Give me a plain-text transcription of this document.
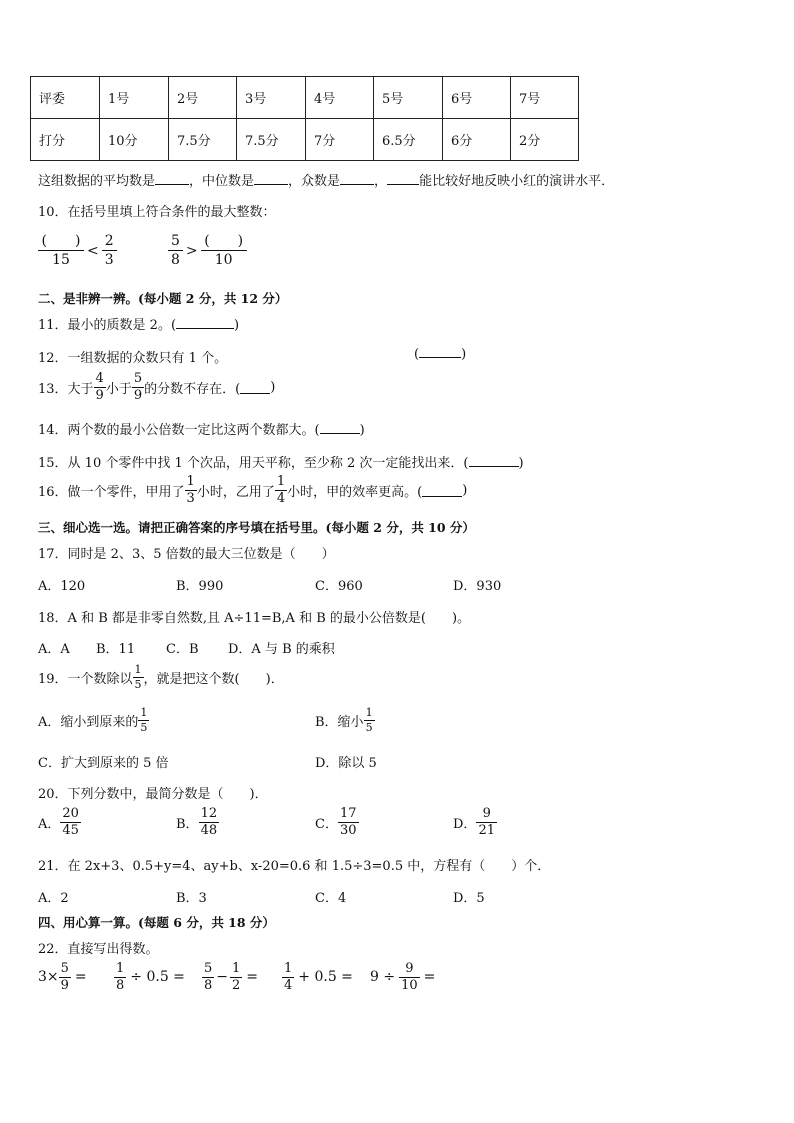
评委	1号	2号	3号	4号	5号	6号	7号
打分	10分	7.5分	7.5分	7分	6.5分	6分	2分
这组数据的平均数是	，中位数是	，众数是	， 能比较好地反映小红的演讲水平．
10．在括号里填上符合条件的最大整数：
$\frac{( )}{15} < \frac{2}{3}$	$\frac{5}{8} > \frac{( )}{10}$
二、是非辨一辨。(每小题 2 分，共 12 分）
11．最小的质数是 2。(	)
12．一组数据的众数只有 1 个。	(	)
13．大于 $\frac{4}{9}$ 小于 $\frac{5}{9}$ 的分数不存在．( )
14．两个数的最小公倍数一定比这两个数都大。(	)
15．从 10 个零件中找 1 个次品，用天平称，至少称 2 次一定能找出来．(	)
16．做一个零件，甲用了 $\frac{1}{3}$ 小时，乙用了 $\frac{1}{4}$ 小时，甲的效率更高。(	)
三、细心选一选。请把正确答案的序号填在括号里。(每小题 2 分，共 10 分）
17．同时是 2、3、5 倍数的最大三位数是（　　）
A．120	B．990	C．960	D．930
18．A 和 B 都是非零自然数,且 A÷11=B,A 和 B 的最小公倍数是(　　)。
A．A B．11 C．B D．A 与 B 的乘积
19．一个数除以 $\frac{1}{5}$ ，就是把这个数(　　)．
A．缩小到原来的 $\frac{1}{5}$	B．缩小 $\frac{1}{5}$
C．扩大到原来的 5 倍	D．除以 5
20．下列分数中，最简分数是（　　)．
A． $\frac{20}{45}$	B． $\frac{12}{48}$	C． $\frac{17}{30}$	D． $\frac{9}{21}$
21．在 2x+3、0.5+y=4、ay+b、x-20=0.6 和 1.5÷3=0.5 中，方程有（　　）个．
A．2	B．3	C．4	D．5
四、用心算一算。(每题 6 分，共 18 分）
22．直接写出得数。
$3\times \frac{5}{9} = \frac{1}{8} \div 0.5 = \frac{5}{8} - \frac{1}{2} = \frac{1}{4} + 0.5 = 9 \div \frac{9}{10}$ =
